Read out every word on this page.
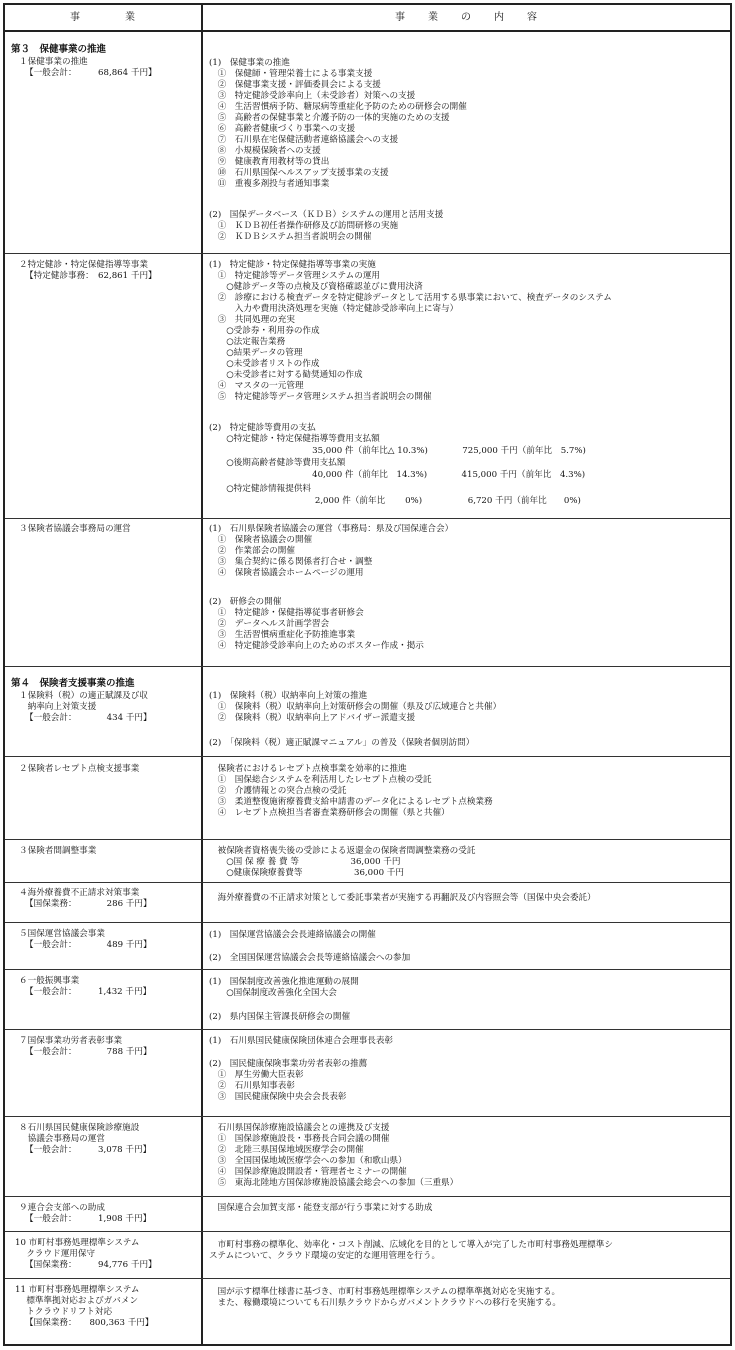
事　　　　業	事　　業　　の　　内　　容
第３　保健事業の推進
１保健事業の推進
【一般会計：　　　68,864 千円】
２特定健診・特定保健指導等事業
【特定健診事務：　62,861 千円】
３保険者協議会事務局の運営
第４　保険者支援事業の推進
１保険料（税）の適正賦課及び収
　納率向上対策支援
【一般会計：　　　　434 千円】
２保険者レセプト点検支援事業
３保険者間調整事業
４海外療養費不正請求対策事業
【国保業務：　　　　286 千円】
５国保運営協議会事業
【一般会計：　　　　489 千円】
６一般振興事業
【一般会計：　　　1,432 千円】
７国保事業功労者表彰事業
【一般会計：　　　　788 千円】
８石川県国民健康保険診療施設
　協議会事務局の運営
【一般会計：　　　3,078 千円】
９連合会支部への助成
【一般会計：　　　1,908 千円】
10 市町村事務処理標準システム
　 クラウド運用保守
【国保業務：　　　94,776 千円】
11 市町村事務処理標準システム
　 標準準拠対応およびガバメン
　 トクラウドリフト対応
【国保業務：　　800,363 千円】
(1)　保健事業の推進
　①　保健師・管理栄養士による事業支援
　②　保健事業支援・評価委員会による支援
　③　特定健診受診率向上（未受診者）対策への支援
　④　生活習慣病予防、糖尿病等重症化予防のための研修会の開催
　⑤　高齢者の保健事業と介護予防の一体的実施のための支援
　⑥　高齢者健康づくり事業への支援
　⑦　石川県在宅保健活動者連絡協議会への支援
　⑧　小規模保険者への支援
　⑨　健康教育用教材等の貸出
　⑩　石川県国保ヘルスアップ支援事業の支援
　⑪　重複多剤投与者通知事業
(2)　国保データベース（ＫＤＢ）システムの運用と活用支援
　①　ＫＤＢ初任者操作研修及び訪問研修の実施
　②　ＫＤＢシステム担当者説明会の開催
(1)　特定健診・特定保健指導等事業の実施
　①　特定健診等データ管理システムの運用
　　○健診データ等の点検及び資格確認並びに費用決済
　②　診療における検査データを特定健診データとして活用する県事業において、検査データのシステム
　　　入力や費用決済処理を実施（特定健診受診率向上に寄与）
　③　共同処理の充実
　　○受診券・利用券の作成
　　○法定報告業務
　　○結果データの管理
　　○未受診者リストの作成
　　○未受診者に対する勧奨通知の作成
　④　マスタの一元管理
　⑤　特定健診等データ管理システム担当者説明会の開催
(2)　特定健診等費用の支払
　　○特定健診・特定保健指導等費用支払額
　　　　　　　　　　　　35,000 件（前年比△ 10.3%)　　　　725,000 千円（前年比　5.7%)
　　○後期高齢者健診等費用支払額
　　　　　　　　　　　　40,000 件（前年比　14.3%)　　　　415,000 千円（前年比　4.3%)
　　○特定健診情報提供料
　　　　　　　　　　　　 2,000 件（前年比　　 0%)　　　　　 6,720 千円（前年比　　0%)
(1)　石川県保険者協議会の運営（事務局：県及び国保連合会）
　①　保険者協議会の開催
　②　作業部会の開催
　③　集合契約に係る関係者打合せ・調整
　④　保険者協議会ホームページの運用
(2)　研修会の開催
　①　特定健診・保健指導従事者研修会
　②　データヘルス計画学習会
　③　生活習慣病重症化予防推進事業
　④　特定健診受診率向上のためのポスター作成・掲示
(1)　保険料（税）収納率向上対策の推進
　①　保険料（税）収納率向上対策研修会の開催（県及び広域連合と共催）
　②　保険料（税）収納率向上アドバイザー派遣支援
(2)　「保険料（税）適正賦課マニュアル」の普及（保険者個別訪問）
　保険者におけるレセプト点検事業を効率的に推進
　①　国保総合システムを利活用したレセプト点検の受託
　②　介護情報との突合点検の受託
　③　柔道整復施術療養費支給申請書のデータ化によるレセプト点検業務
　④　レセプト点検担当者審査業務研修会の開催（県と共催）
　被保険者資格喪失後の受診による返還金の保険者間調整業務の受託
　　○国 保 療 養 費 等　　　　　　36,000 千円
　　○健康保険療養費等　　　　　　36,000 千円
　海外療養費の不正請求対策として委託事業者が実施する再翻訳及び内容照会等（国保中央会委託）
(1)　国保運営協議会会長連絡協議会の開催
(2)　全国国保運営協議会会長等連絡協議会への参加
(1)　国保制度改善強化推進運動の展開
　　○国保制度改善強化全国大会
(2)　県内国保主管課長研修会の開催
(1)　石川県国民健康保険団体連合会理事長表彰
(2)　国民健康保険事業功労者表彰の推薦
　①　厚生労働大臣表彰
　②　石川県知事表彰
　③　国民健康保険中央会会長表彰
　石川県国保診療施設協議会との連携及び支援
　①　国保診療施設長・事務長合同会議の開催
　②　北陸三県国保地域医療学会の開催
　③　全国国保地域医療学会への参加（和歌山県）
　④　国保診療施設開設者・管理者セミナーの開催
　⑤　東海北陸地方国保診療施設協議会総会への参加（三重県）
　国保連合会加賀支部・能登支部が行う事業に対する助成
　市町村事務の標準化、効率化・コスト削減、広域化を目的として導入が完了した市町村事務処理標準シ
ステムについて、クラウド環境の安定的な運用管理を行う。
　国が示す標準仕様書に基づき、市町村事務処理標準システムの標準準拠対応を実施する。
　また、稼働環境についても石川県クラウドからガバメントクラウドへの移行を実施する。
